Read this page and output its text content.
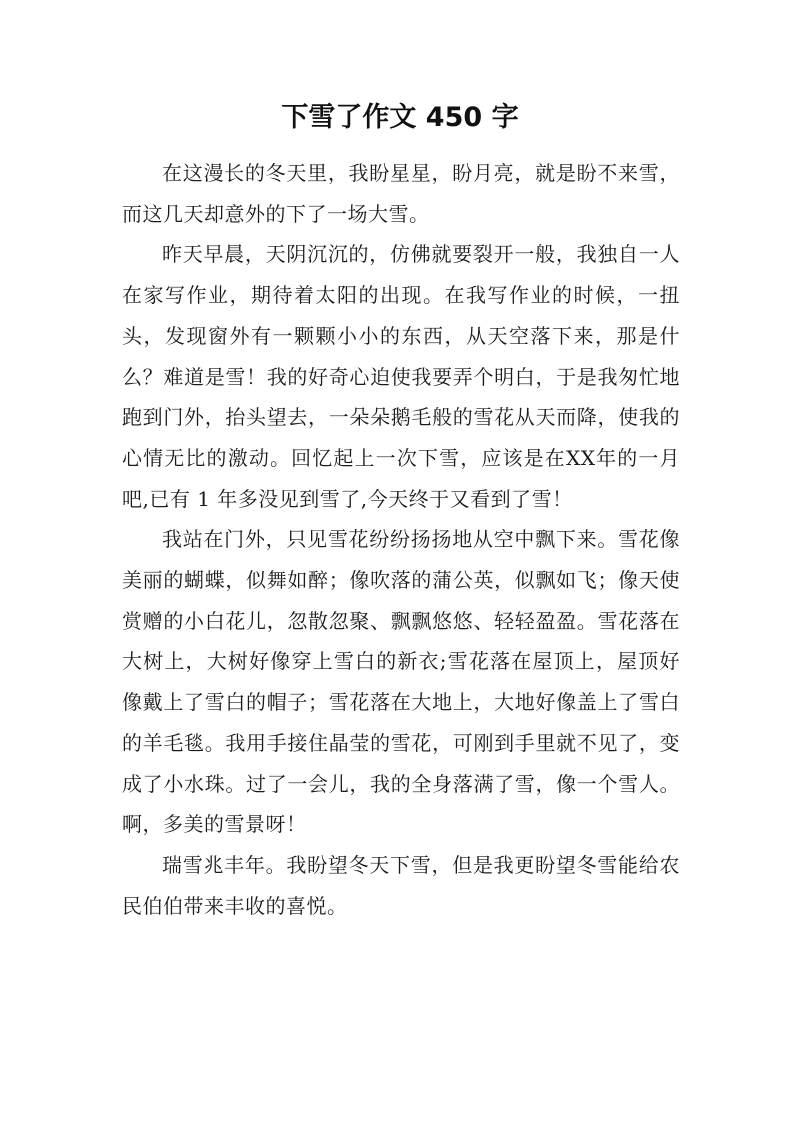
下雪了作文 450 字

在这漫长的冬天里，我盼星星，盼月亮，就是盼不来雪，而这几天却意外的下了一场大雪。

昨天早晨，天阴沉沉的，仿佛就要裂开一般，我独自一人在家写作业，期待着太阳的出现。在我写作业的时候，一扭头，发现窗外有一颗颗小小的东西，从天空落下来，那是什么？难道是雪！我的好奇心迫使我要弄个明白，于是我匆忙地跑到门外，抬头望去，一朵朵鹅毛般的雪花从天而降，使我的心情无比的激动。回忆起上一次下雪，应该是在XX年的一月吧,已有 1 年多没见到雪了,今天终于又看到了雪！

我站在门外，只见雪花纷纷扬扬地从空中飘下来。雪花像美丽的蝴蝶，似舞如醉；像吹落的蒲公英，似飘如飞；像天使赏赠的小白花儿，忽散忽聚、飘飘悠悠、轻轻盈盈。雪花落在大树上，大树好像穿上雪白的新衣;雪花落在屋顶上，屋顶好像戴上了雪白的帽子；雪花落在大地上，大地好像盖上了雪白的羊毛毯。我用手接住晶莹的雪花，可刚到手里就不见了，变成了小水珠。过了一会儿，我的全身落满了雪，像一个雪人。啊，多美的雪景呀！

瑞雪兆丰年。我盼望冬天下雪，但是我更盼望冬雪能给农民伯伯带来丰收的喜悦。
